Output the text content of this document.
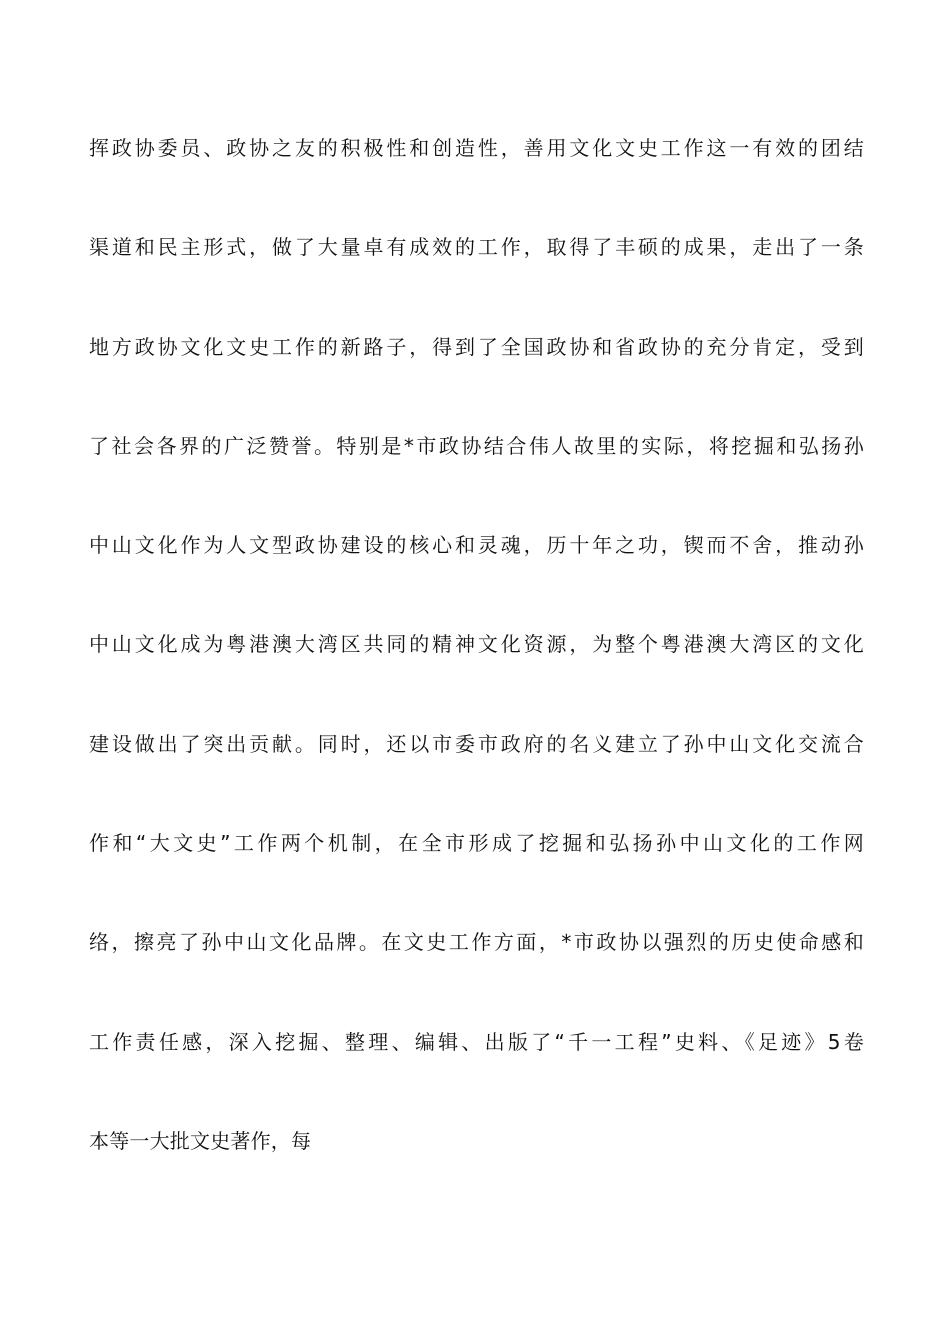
挥政协委员、政协之友的积极性和创造性，善用文化文史工作这一有效的团结
渠道和民主形式，做了大量卓有成效的工作，取得了丰硕的成果，走出了一条
地方政协文化文史工作的新路子，得到了全国政协和省政协的充分肯定，受到
了社会各界的广泛赞誉。特别是*市政协结合伟人故里的实际，将挖掘和弘扬孙
中山文化作为人文型政协建设的核心和灵魂，历十年之功，锲而不舍，推动孙
中山文化成为粤港澳大湾区共同的精神文化资源，为整个粤港澳大湾区的文化
建设做出了突出贡献。同时，还以市委市政府的名义建立了孙中山文化交流合
作和“大文史”工作两个机制，在全市形成了挖掘和弘扬孙中山文化的工作网
络，擦亮了孙中山文化品牌。在文史工作方面，*市政协以强烈的历史使命感和
工作责任感，深入挖掘、整理、编辑、出版了“千一工程”史料、《足迹》5卷
本等一大批文史著作，每
